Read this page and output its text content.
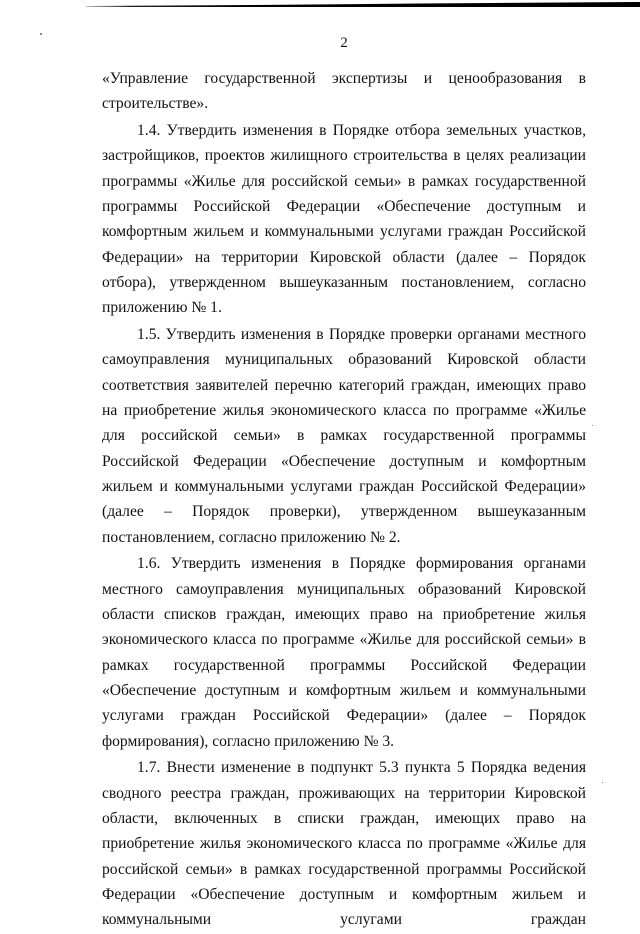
2

«Управление государственной экспертизы и ценообразования в строительстве».

1.4. Утвердить изменения в Порядке отбора земельных участков, застройщиков, проектов жилищного строительства в целях реализации программы «Жилье для российской семьи» в рамках государственной программы Российской Федерации «Обеспечение доступным и комфортным жильем и коммунальными услугами граждан Российской Федерации» на территории Кировской области (далее – Порядок отбора), утвержденном вышеуказанным постановлением, согласно приложению № 1.

1.5. Утвердить изменения в Порядке проверки органами местного самоуправления муниципальных образований Кировской области соответствия заявителей перечню категорий граждан, имеющих право на приобретение жилья экономического класса по программе «Жилье для российской семьи» в рамках государственной программы Российской Федерации «Обеспечение доступным и комфортным жильем и коммунальными услугами граждан Российской Федерации» (далее – Порядок проверки), утвержденном вышеуказанным постановлением, согласно приложению № 2.

1.6. Утвердить изменения в Порядке формирования органами местного самоуправления муниципальных образований Кировской области списков граждан, имеющих право на приобретение жилья экономического класса по программе «Жилье для российской семьи» в рамках государственной программы Российской Федерации «Обеспечение доступным и комфортным жильем и коммунальными услугами граждан Российской Федерации» (далее – Порядок формирования), согласно приложению № 3.

1.7. Внести изменение в подпункт 5.3 пункта 5 Порядка ведения сводного реестра граждан, проживающих на территории Кировской области, включенных в списки граждан, имеющих право на приобретение жилья экономического класса по программе «Жилье для российской семьи» в рамках государственной программы Российской Федерации «Обеспечение доступным и комфортным жильем и коммунальными услугами граждан
